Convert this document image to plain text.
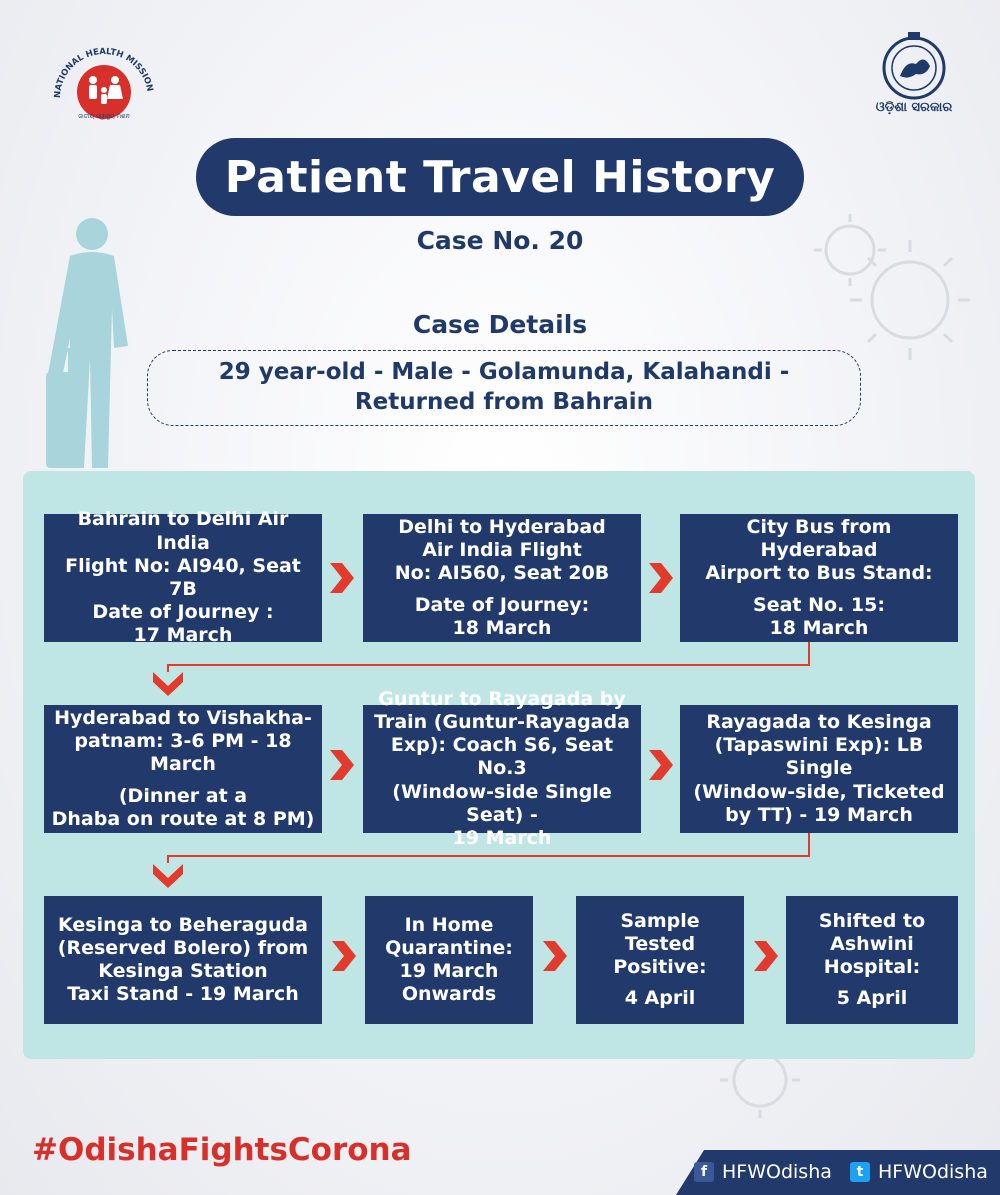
NATIONAL HEALTH MISSION
ଜାତୀୟ ସ୍ୱାସ୍ଥ୍ୟ ମିଶନ
ଓଡ଼ିଶା ସରକାର
Patient Travel History
Case No. 20
Case Details
29 year-old - Male - Golamunda, Kalahandi -
Returned from Bahrain
Bahrain to Delhi Air India
Flight No: AI940, Seat 7B
Date of Journey :
17 March
Delhi to Hyderabad
Air India Flight
No: AI560, Seat 20B
Date of Journey:
18 March
City Bus from Hyderabad
Airport to Bus Stand:
Seat No. 15:
18 March
Hyderabad to Vishakha-
patnam: 3-6 PM - 18 March
(Dinner at a
Dhaba on route at 8 PM)
Guntur to Rayagada by
Train (Guntur-Rayagada
Exp): Coach S6, Seat No.3
(Window-side Single Seat) -
19 March
Rayagada to Kesinga
(Tapaswini Exp): LB Single
(Window-side, Ticketed
by TT) - 19 March
Kesinga to Beheraguda
(Reserved Bolero) from
Kesinga Station
Taxi Stand - 19 March
In Home
Quarantine:
19 March
Onwards
Sample
Tested Positive:
4 April
Shifted to
Ashwini
Hospital:
5 April
#OdishaFightsCorona
f HFWOdisha	t HFWOdisha
